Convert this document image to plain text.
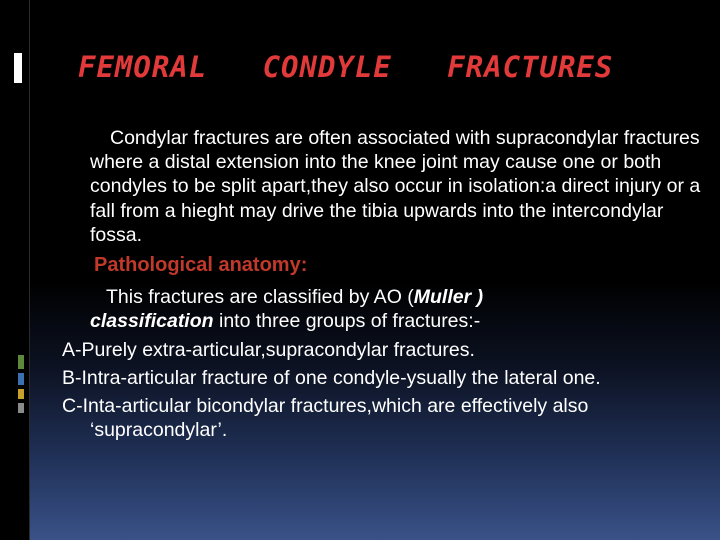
FEMORAL   CONDYLE   FRACTURES

Condylar fractures are often associated with supracondylar fractures where a distal extension into the knee joint may cause one or both condyles to be split apart,they also occur in isolation:a direct injury or a fall from a hieght may drive the tibia upwards into the intercondylar fossa.

Pathological anatomy:

This fractures are classified by AO (Muller )
classification into three groups of fractures:-

A-Purely extra-articular,supracondylar fractures.

B-Intra-articular fracture of one condyle-ysually the lateral one.

C-Inta-articular bicondylar fractures,which are effectively also ‘supracondylar’.
